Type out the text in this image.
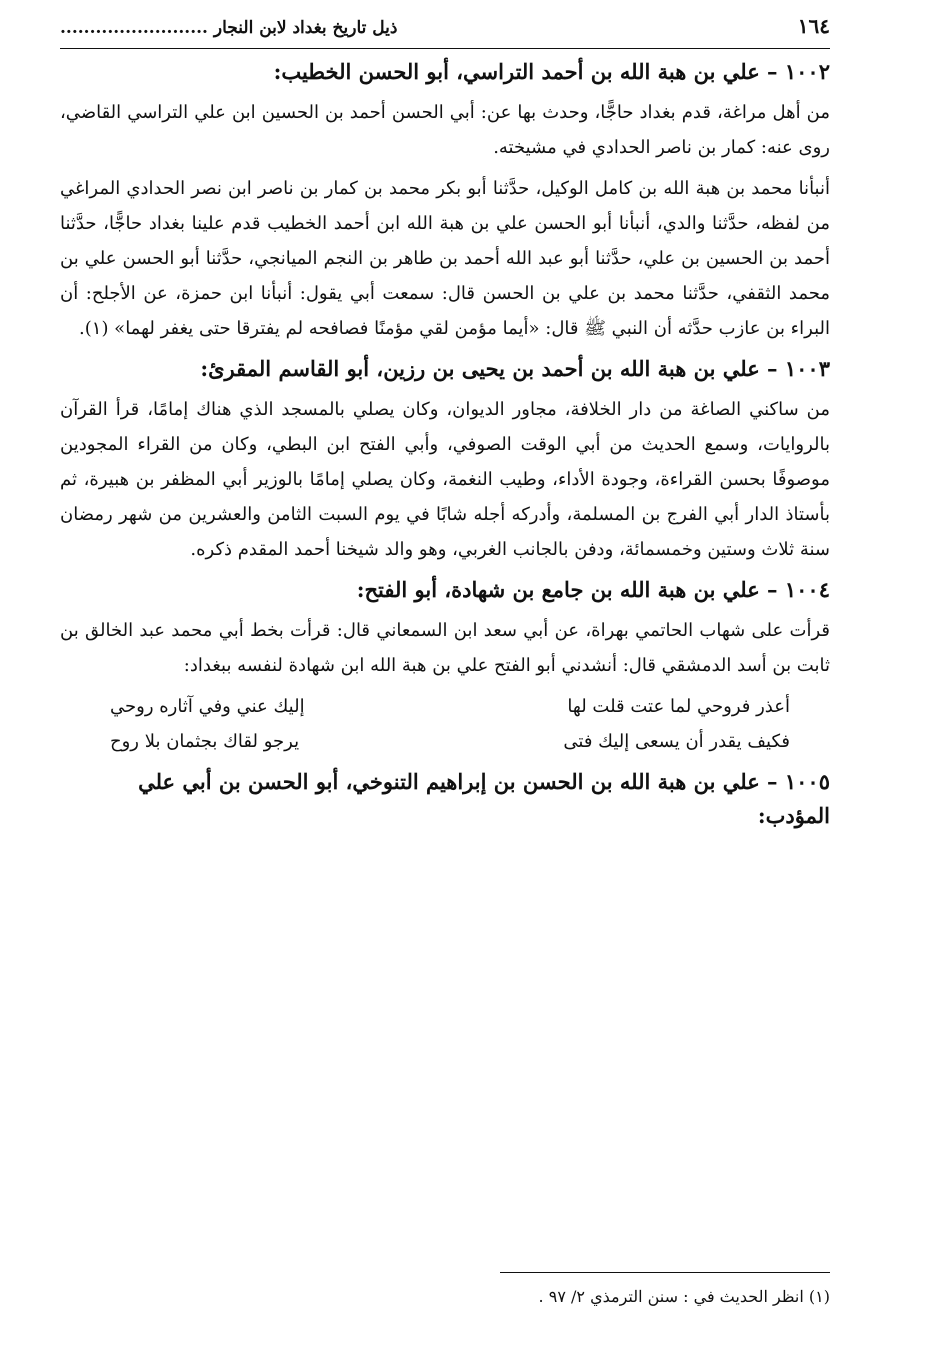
١٦٤
ذيل تاريخ بغداد لابن النجار .........................
١٠٠٢ – علي بن هبة الله بن أحمد التراسي، أبو الحسن الخطيب:

من أهل مراغة، قدم بغداد حاجًّا، وحدث بها عن: أبي الحسن أحمد بن الحسين ابن علي التراسي القاضي، روى عنه: كمار بن ناصر الحدادي في مشيخته.

أنبأنا محمد بن هبة الله بن كامل الوكيل، حدَّثنا أبو بكر محمد بن كمار بن ناصر ابن نصر الحدادي المراغي من لفظه، حدَّثنا والدي، أنبأنا أبو الحسن علي بن هبة الله ابن أحمد الخطيب قدم علينا بغداد حاجًّا، حدَّثنا أحمد بن الحسين بن علي، حدَّثنا أبو عبد الله أحمد بن طاهر بن النجم الميانجي، حدَّثنا أبو الحسن علي بن محمد الثقفي، حدَّثنا محمد بن علي بن الحسن قال: سمعت أبي يقول: أنبأنا ابن حمزة، عن الأجلح: أن البراء بن عازب حدَّثه أن النبي ﷺ قال: «أيما مؤمن لقي مؤمنًا فصافحه لم يفترقا حتى يغفر لهما» (١).

١٠٠٣ – علي بن هبة الله بن أحمد بن يحيى بن رزين، أبو القاسم المقرئ:

من ساكني الصاغة من دار الخلافة، مجاور الديوان، وكان يصلي بالمسجد الذي هناك إمامًا، قرأ القرآن بالروايات، وسمع الحديث من أبي الوقت الصوفي، وأبي الفتح ابن البطي، وكان من القراء المجودين موصوفًا بحسن القراءة، وجودة الأداء، وطيب النغمة، وكان يصلي إمامًا بالوزير أبي المظفر بن هبيرة، ثم بأستاذ الدار أبي الفرج بن المسلمة، وأدركه أجله شابًا في يوم السبت الثامن والعشرين من شهر رمضان سنة ثلاث وستين وخمسمائة، ودفن بالجانب الغربي، وهو والد شيخنا أحمد المقدم ذكره.

١٠٠٤ – علي بن هبة الله بن جامع بن شهادة، أبو الفتح:

قرأت على شهاب الحاتمي بهراة، عن أبي سعد ابن السمعاني قال: قرأت بخط أبي محمد عبد الخالق بن ثابت بن أسد الدمشقي قال: أنشدني أبو الفتح علي بن هبة الله ابن شهادة لنفسه ببغداد:

أعذر فروحي لما عتت قلت لها
إليك عني وفي آثاره روحي
فكيف يقدر أن يسعى إليك فتى
يرجو لقاك بجثمان بلا روح
١٠٠٥ – علي بن هبة الله بن الحسن بن إبراهيم التنوخي، أبو الحسن بن أبي علي المؤدب:
(١) انظر الحديث في : سنن الترمذي ٢/ ٩٧ .
